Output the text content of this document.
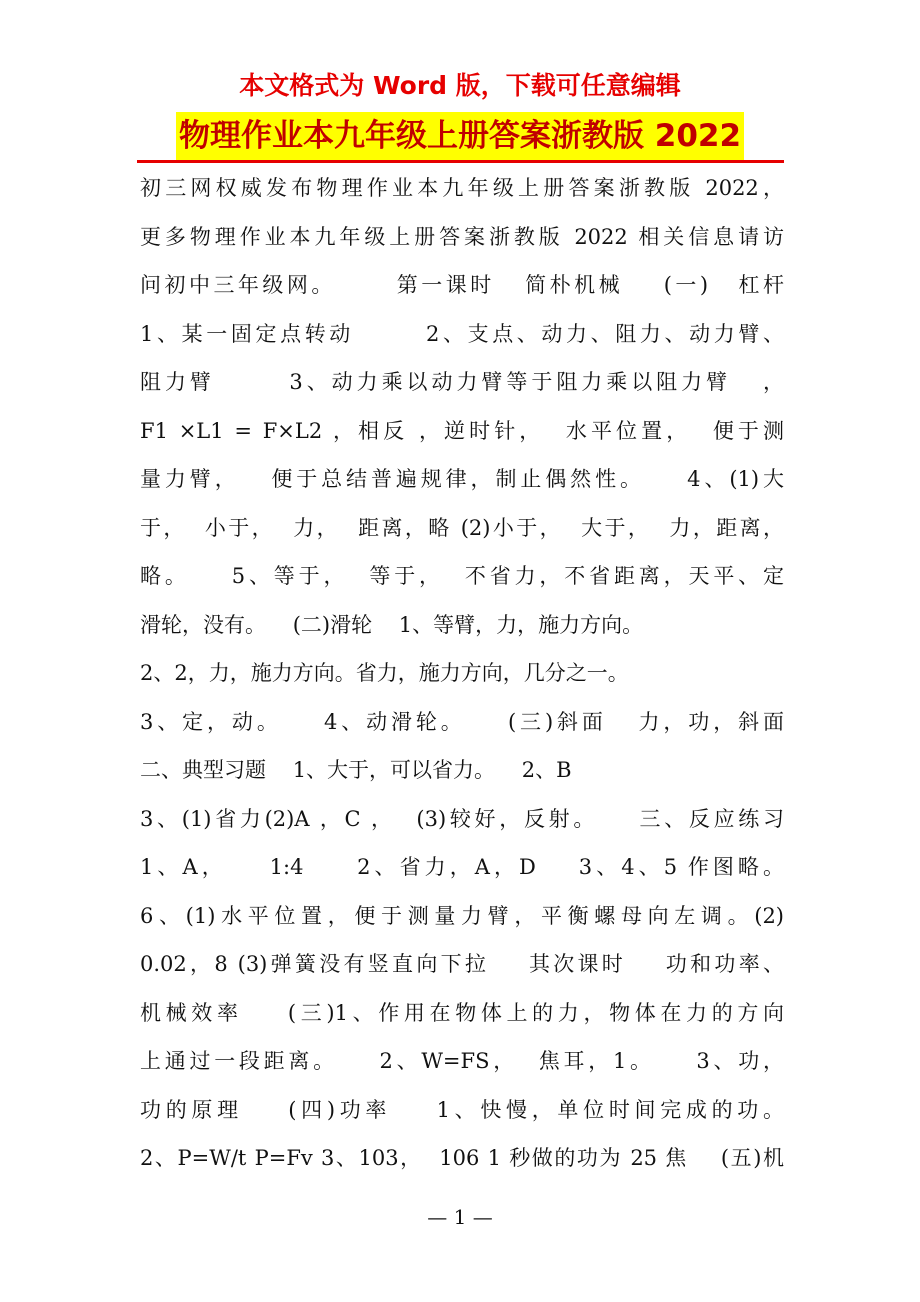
本文格式为 Word 版，下载可任意编辑
物理作业本九年级上册答案浙教版 2022
初三网权威发布物理作业本九年级上册答案浙教版 2022，
更多物理作业本九年级上册答案浙教版 2022 相关信息请访
问初中三年级网。      第一课时   简朴机械    (一)   杠杆
1、某一固定点转动       2、支点、动力、阻力、动力臂、
阻力臂       3、动力乘以动力臂等于阻力乘以阻力臂   ，
F1 ×L1 = F×L2 ，相反 ，逆时针，  水平位置，  便于测
量力臂，   便于总结普遍规律，制止偶然性。    4、(1)大
于，  小于，  力，  距离，略 (2)小于，  大于，  力，距离，
略。    5、等于，  等于，  不省力，不省距离，天平、定
滑轮，没有。    (二)滑轮    1、等臂，力，施力方向。
2、2，力，施力方向。省力，施力方向，几分之一。
3、定，动。    4、动滑轮。    (三)斜面   力，功，斜面
二、典型习题    1、大于，可以省力。    2、B
3、(1)省力(2)A ，C ，  (3)较好，反射。    三、反应练习
1、A，    1:4     2、省力，A，D    3、4、5 作图略。
6、(1)水平位置，便于测量力臂，平衡螺母向左调。(2)
0.02，8 (3)弹簧没有竖直向下拉    其次课时    功和功率、
机械效率    (三)1、作用在物体上的力，物体在力的方向
上通过一段距离。    2、W=FS，  焦耳，1。    3、功，
功的原理    (四)功率    1、快慢，单位时间完成的功。
2、P=W/t P=Fv 3、103，  106 1 秒做的功为 25 焦    (五)机
— 1 —
